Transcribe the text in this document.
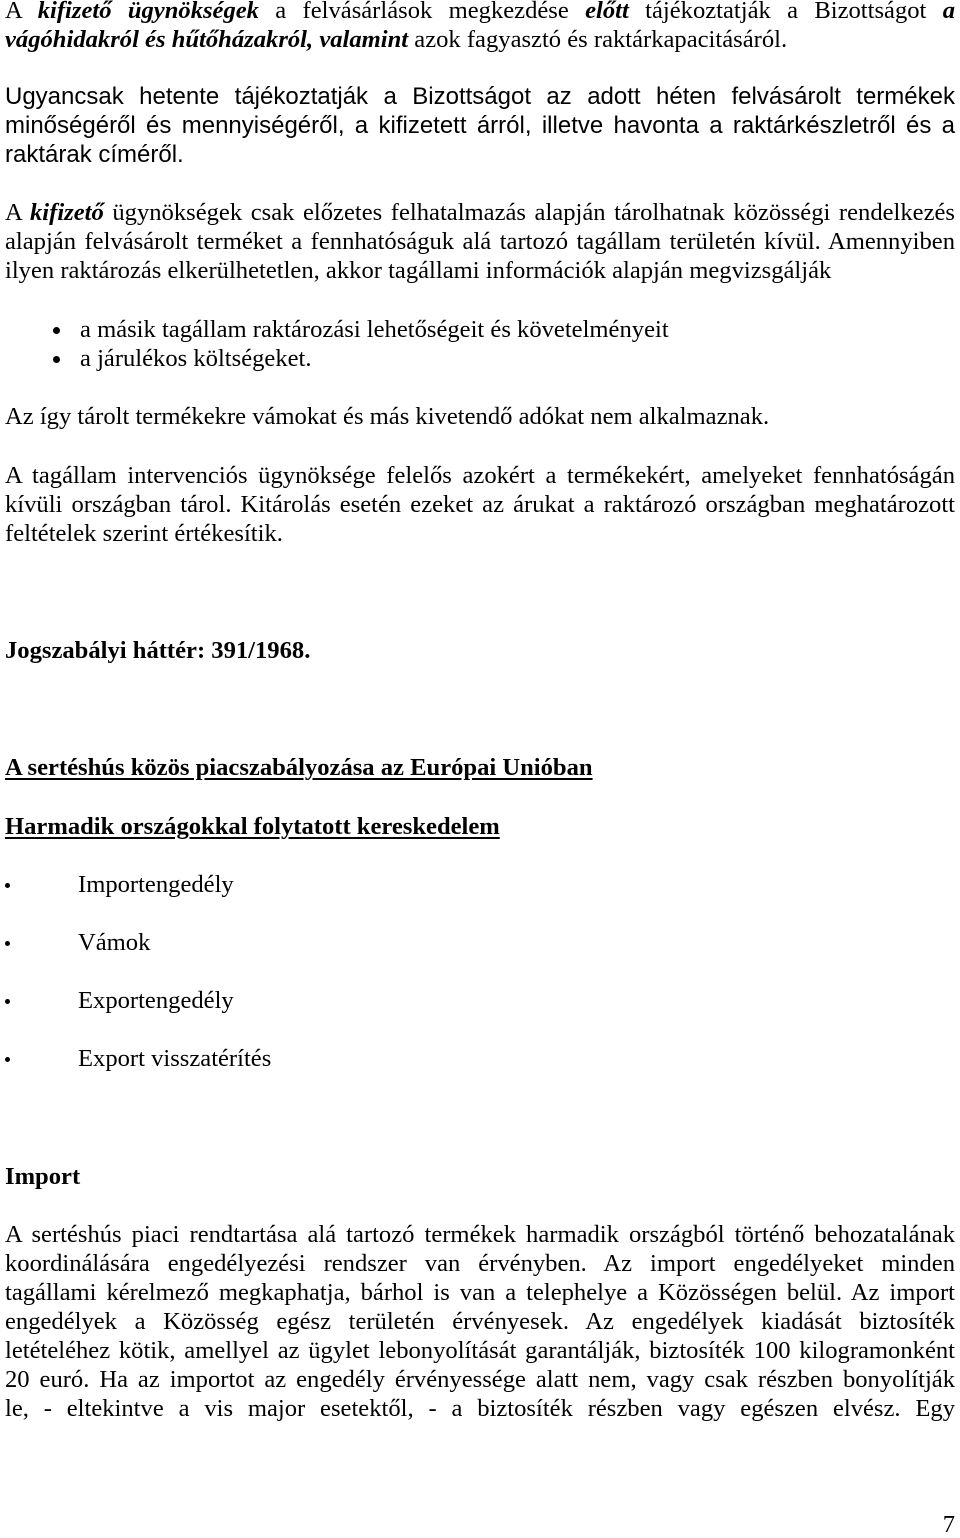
A kifizető ügynökségek a felvásárlások megkezdése előtt tájékoztatják a Bizottságot a
vágóhidakról és hűtőházakról, valamint azok fagyasztó és raktárkapacitásáról.
Ugyancsak hetente tájékoztatják a Bizottságot az adott héten felvásárolt termékek
minőségéről és mennyiségéről, a kifizetett árról, illetve havonta a raktárkészletről és a
raktárak címéről.
A kifizető ügynökségek csak előzetes felhatalmazás alapján tárolhatnak közösségi rendelkezés
alapján felvásárolt terméket a fennhatóságuk alá tartozó tagállam területén kívül. Amennyiben
ilyen raktározás elkerülhetetlen, akkor tagállami információk alapján megvizsgálják
a másik tagállam raktározási lehetőségeit és követelményeit
a járulékos költségeket.
Az így tárolt termékekre vámokat és más kivetendő adókat nem alkalmaznak.
A tagállam intervenciós ügynöksége felelős azokért a termékekért, amelyeket fennhatóságán
kívüli országban tárol. Kitárolás esetén ezeket az árukat a raktározó országban meghatározott
feltételek szerint értékesítik.
Jogszabályi háttér: 391/1968.
A sertéshús közös piacszabályozása az Európai Unióban
Harmadik országokkal folytatott kereskedelem
Importengedély
Vámok
Exportengedély
Export visszatérítés
Import
A sertéshús piaci rendtartása alá tartozó termékek harmadik országból történő behozatalának
koordinálására engedélyezési rendszer van érvényben. Az import engedélyeket minden
tagállami kérelmező megkaphatja, bárhol is van a telephelye a Közösségen belül. Az import
engedélyek a Közösség egész területén érvényesek. Az engedélyek kiadását biztosíték
letételéhez kötik, amellyel az ügylet lebonyolítását garantálják, biztosíték 100 kilogramonként
20 euró. Ha az importot az engedély érvényessége alatt nem, vagy csak részben bonyolítják
le, - eltekintve a vis major esetektől, - a biztosíték részben vagy egészen elvész. Egy
7
